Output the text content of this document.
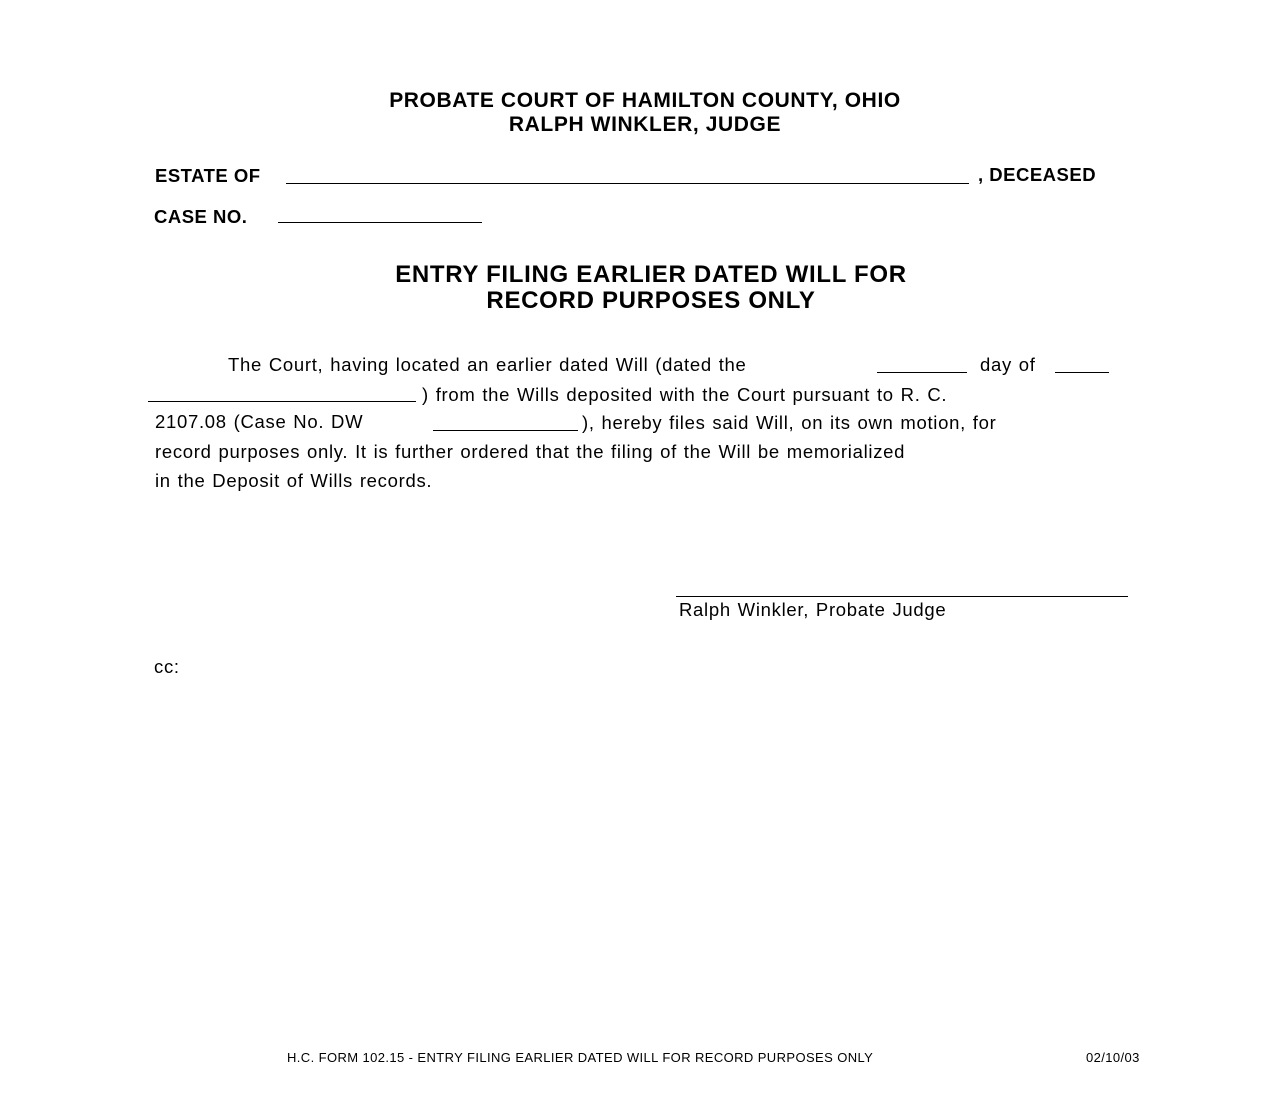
PROBATE COURT OF HAMILTON COUNTY, OHIO
RALPH WINKLER, JUDGE
ESTATE OF	, DECEASED
CASE NO.
ENTRY FILING EARLIER DATED WILL FOR
RECORD PURPOSES ONLY
The Court, having located an earlier dated Will (dated the	day of
) from the Wills deposited with the Court pursuant to R. C.
2107.08 (Case No. DW	), hereby files said Will, on its own motion, for
record purposes only. It is further ordered that the filing of the Will be memorialized
in the Deposit of Wills records.
Ralph Winkler, Probate Judge
cc:
H.C. FORM 102.15 - ENTRY FILING EARLIER DATED WILL FOR RECORD PURPOSES ONLY	02/10/03
